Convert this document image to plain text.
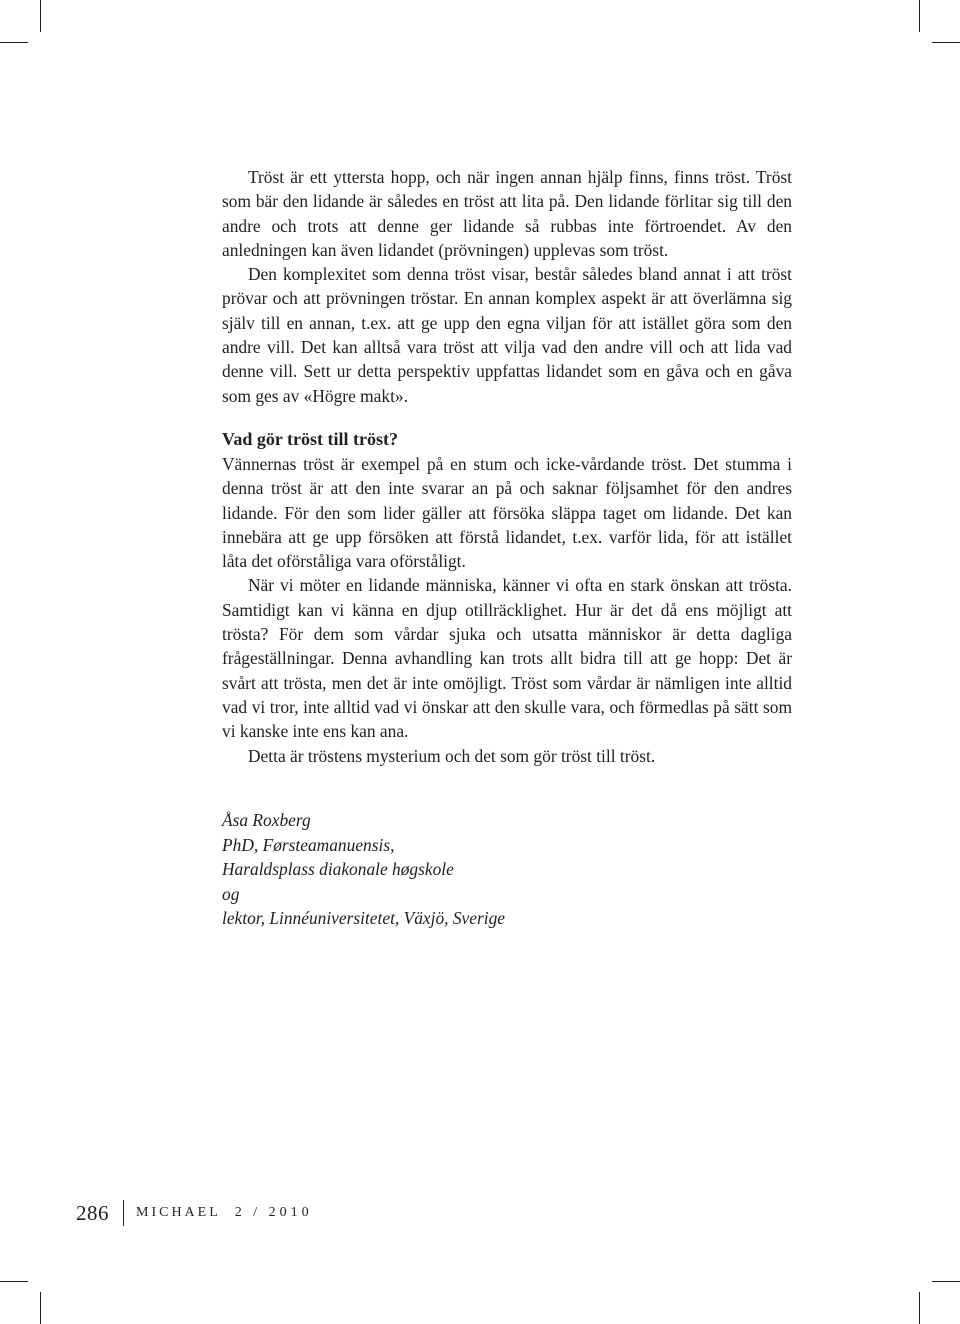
Tröst är ett yttersta hopp, och när ingen annan hjälp finns, finns tröst. Tröst som bär den lidande är således en tröst att lita på. Den lidande förlitar sig till den andre och trots att denne ger lidande så rubbas inte förtroendet. Av den anledningen kan även lidandet (prövningen) upplevas som tröst.

Den komplexitet som denna tröst visar, består således bland annat i att tröst prövar och att prövningen tröstar. En annan komplex aspekt är att överlämna sig själv till en annan, t.ex. att ge upp den egna viljan för att istället göra som den andre vill. Det kan alltså vara tröst att vilja vad den andre vill och att lida vad denne vill. Sett ur detta perspektiv uppfattas lidandet som en gåva och en gåva som ges av «Högre makt».

Vad gör tröst till tröst?

Vännernas tröst är exempel på en stum och icke-vårdande tröst. Det stumma i denna tröst är att den inte svarar an på och saknar följsamhet för den andres lidande. För den som lider gäller att försöka släppa taget om lidande. Det kan innebära att ge upp försöken att förstå lidandet, t.ex. varför lida, för att istället låta det oförståliga vara oförståligt.

När vi möter en lidande människa, känner vi ofta en stark önskan att trösta. Samtidigt kan vi känna en djup otillräcklighet. Hur är det då ens möjligt att trösta? För dem som vårdar sjuka och utsatta människor är detta dagliga frågeställningar. Denna avhandling kan trots allt bidra till att ge hopp: Det är svårt att trösta, men det är inte omöjligt. Tröst som vårdar är nämligen inte alltid vad vi tror, inte alltid vad vi önskar att den skulle vara, och förmedlas på sätt som vi kanske inte ens kan ana.

Detta är tröstens mysterium och det som gör tröst till tröst.

Åsa Roxberg
PhD, Førsteamanuensis,
Haraldsplass diakonale høgskole
og
lektor, Linnéuniversitetet, Växjö, Sverige
286 MICHAEL 2 / 2010
